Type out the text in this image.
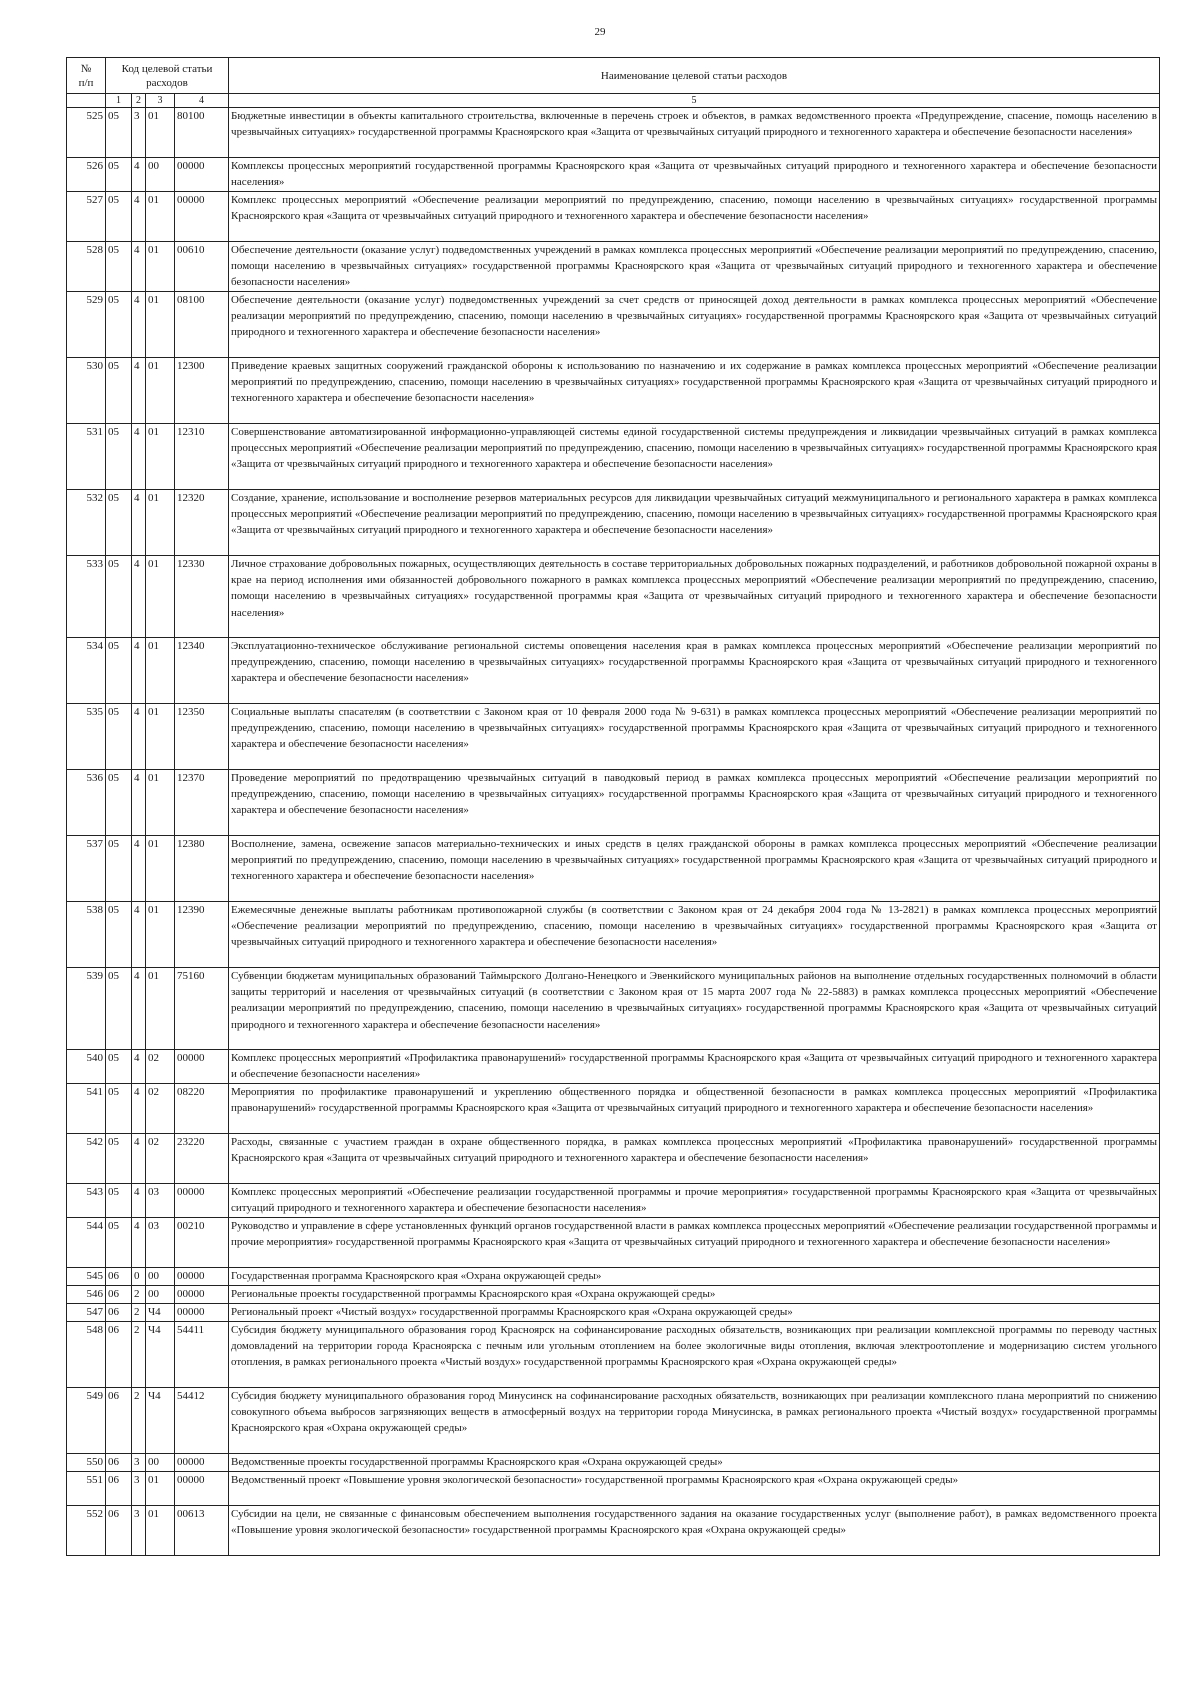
29
№
п/п	Код целевой статьи расходов				Наименование целевой статьи расходов

	1	2	3	4	5
525	05	3	01	80100	Бюджетные инвестиции в объекты капитального строительства, включенные в перечень строек и объектов, в рамках ведомственного проекта «Предупреждение, спасение, помощь населению в чрезвычайных ситуациях» государственной программы Красноярского края «Защита от чрезвычайных ситуаций природного и техногенного характера и обеспечение безопасности населения»
526	05	4	00	00000	Комплексы процессных мероприятий государственной программы Красноярского края «Защита от чрезвычайных ситуаций природного и техногенного характера и обеспечение безопасности населения»
527	05	4	01	00000	Комплекс процессных мероприятий «Обеспечение реализации мероприятий по предупреждению, спасению, помощи населению в чрезвычайных ситуациях» государственной программы Красноярского края «Защита от чрезвычайных ситуаций природного и техногенного характера и обеспечение безопасности населения»
528	05	4	01	00610	Обеспечение деятельности (оказание услуг) подведомственных учреждений в рамках комплекса процессных мероприятий «Обеспечение реализации мероприятий по предупреждению, спасению, помощи населению в чрезвычайных ситуациях» государственной программы Красноярского края «Защита от чрезвычайных ситуаций природного и техногенного характера и обеспечение безопасности населения»
529	05	4	01	08100	Обеспечение деятельности (оказание услуг) подведомственных учреждений за счет средств от приносящей доход деятельности в рамках комплекса процессных мероприятий «Обеспечение реализации мероприятий по предупреждению, спасению, помощи населению в чрезвычайных ситуациях» государственной программы Красноярского края «Защита от чрезвычайных ситуаций природного и техногенного характера и обеспечение безопасности населения»
530	05	4	01	12300	Приведение краевых защитных сооружений гражданской обороны к использованию по назначению и их содержание в рамках комплекса процессных мероприятий «Обеспечение реализации мероприятий по предупреждению, спасению, помощи населению в чрезвычайных ситуациях» государственной программы Красноярского края «Защита от чрезвычайных ситуаций природного и техногенного характера и обеспечение безопасности населения»
531	05	4	01	12310	Совершенствование автоматизированной информационно-управляющей системы единой государственной системы предупреждения и ликвидации чрезвычайных ситуаций в рамках комплекса процессных мероприятий «Обеспечение реализации мероприятий по предупреждению, спасению, помощи населению в чрезвычайных ситуациях» государственной программы Красноярского края «Защита от чрезвычайных ситуаций природного и техногенного характера и обеспечение безопасности населения»
532	05	4	01	12320	Создание, хранение, использование и восполнение резервов материальных ресурсов для ликвидации чрезвычайных ситуаций межмуниципального и регионального характера в рамках комплекса процессных мероприятий «Обеспечение реализации мероприятий по предупреждению, спасению, помощи населению в чрезвычайных ситуациях» государственной программы Красноярского края «Защита от чрезвычайных ситуаций природного и техногенного характера и обеспечение безопасности населения»
533	05	4	01	12330	Личное страхование добровольных пожарных, осуществляющих деятельность в составе территориальных добровольных пожарных подразделений, и работников добровольной пожарной охраны в крае на период исполнения ими обязанностей добровольного пожарного в рамках комплекса процессных мероприятий «Обеспечение реализации мероприятий по предупреждению, спасению, помощи населению в чрезвычайных ситуациях» государственной программы края «Защита от чрезвычайных ситуаций природного и техногенного характера и обеспечение безопасности населения»
534	05	4	01	12340	Эксплуатационно-техническое обслуживание региональной системы оповещения населения края в рамках комплекса процессных мероприятий «Обеспечение реализации мероприятий по предупреждению, спасению, помощи населению в чрезвычайных ситуациях» государственной программы Красноярского края «Защита от чрезвычайных ситуаций природного и техногенного характера и обеспечение безопасности населения»
535	05	4	01	12350	Социальные выплаты спасателям (в соответствии с Законом края от 10 февраля 2000 года № 9-631) в рамках комплекса процессных мероприятий «Обеспечение реализации мероприятий по предупреждению, спасению, помощи населению в чрезвычайных ситуациях» государственной программы Красноярского края «Защита от чрезвычайных ситуаций природного и техногенного характера и обеспечение безопасности населения»
536	05	4	01	12370	Проведение мероприятий по предотвращению чрезвычайных ситуаций в паводковый период в рамках комплекса процессных мероприятий «Обеспечение реализации мероприятий по предупреждению, спасению, помощи населению в чрезвычайных ситуациях» государственной программы Красноярского края «Защита от чрезвычайных ситуаций природного и техногенного характера и обеспечение безопасности населения»
537	05	4	01	12380	Восполнение, замена, освежение запасов материально-технических и иных средств в целях гражданской обороны в рамках комплекса процессных мероприятий «Обеспечение реализации мероприятий по предупреждению, спасению, помощи населению в чрезвычайных ситуациях» государственной программы Красноярского края «Защита от чрезвычайных ситуаций природного и техногенного характера и обеспечение безопасности населения»
538	05	4	01	12390	Ежемесячные денежные выплаты работникам противопожарной службы (в соответствии с Законом края от 24 декабря 2004 года № 13-2821) в рамках комплекса процессных мероприятий «Обеспечение реализации мероприятий по предупреждению, спасению, помощи населению в чрезвычайных ситуациях» государственной программы Красноярского края «Защита от чрезвычайных ситуаций природного и техногенного характера и обеспечение безопасности населения»
539	05	4	01	75160	Субвенции бюджетам муниципальных образований Таймырского Долгано-Ненецкого и Эвенкийского муниципальных районов на выполнение отдельных государственных полномочий в области защиты территорий и населения от чрезвычайных ситуаций (в соответствии с Законом края от 15 марта 2007 года № 22-5883) в рамках комплекса процессных мероприятий «Обеспечение реализации мероприятий по предупреждению, спасению, помощи населению в чрезвычайных ситуациях» государственной программы Красноярского края «Защита от чрезвычайных ситуаций природного и техногенного характера и обеспечение безопасности населения»
540	05	4	02	00000	Комплекс процессных мероприятий «Профилактика правонарушений» государственной программы Красноярского края «Защита от чрезвычайных ситуаций природного и техногенного характера и обеспечение безопасности населения»
541	05	4	02	08220	Мероприятия по профилактике правонарушений и укреплению общественного порядка и общественной безопасности в рамках комплекса процессных мероприятий «Профилактика правонарушений» государственной программы Красноярского края «Защита от чрезвычайных ситуаций природного и техногенного характера и обеспечение безопасности населения»
542	05	4	02	23220	Расходы, связанные с участием граждан в охране общественного порядка, в рамках комплекса процессных мероприятий «Профилактика правонарушений» государственной программы Красноярского края «Защита от чрезвычайных ситуаций природного и техногенного характера и обеспечение безопасности населения»
543	05	4	03	00000	Комплекс процессных мероприятий «Обеспечение реализации государственной программы и прочие мероприятия» государственной программы Красноярского края «Защита от чрезвычайных ситуаций природного и техногенного характера и обеспечение безопасности населения»
544	05	4	03	00210	Руководство и управление в сфере установленных функций органов государственной власти в рамках комплекса процессных мероприятий «Обеспечение реализации государственной программы и прочие мероприятия» государственной программы Красноярского края «Защита от чрезвычайных ситуаций природного и техногенного характера и обеспечение безопасности населения»
545	06	0	00	00000	Государственная программа Красноярского края «Охрана окружающей среды»
546	06	2	00	00000	Региональные проекты государственной программы Красноярского края «Охрана окружающей среды»
547	06	2	Ч4	00000	Региональный проект «Чистый воздух» государственной программы Красноярского края «Охрана окружающей среды»
548	06	2	Ч4	54411	Субсидия бюджету муниципального образования город Красноярск на софинансирование расходных обязательств, возникающих при реализации комплексной программы по переводу частных домовладений на территории города Красноярска с печным или угольным отоплением на более экологичные виды отопления, включая электроотопление и модернизацию систем угольного отопления, в рамках регионального проекта «Чистый воздух» государственной программы Красноярского края «Охрана окружающей среды»
549	06	2	Ч4	54412	Субсидия бюджету муниципального образования город Минусинск на софинансирование расходных обязательств, возникающих при реализации комплексного плана мероприятий по снижению совокупного объема выбросов загрязняющих веществ в атмосферный воздух на территории города Минусинска, в рамках регионального проекта «Чистый воздух» государственной программы Красноярского края «Охрана окружающей среды»
550	06	3	00	00000	Ведомственные проекты государственной программы Красноярского края «Охрана окружающей среды»
551	06	3	01	00000	Ведомственный проект «Повышение уровня экологической безопасности» государственной программы Красноярского края «Охрана окружающей среды»
552	06	3	01	00613	Субсидии на цели, не связанные с финансовым обеспечением выполнения государственного задания на оказание государственных услуг (выполнение работ), в рамках ведомственного проекта «Повышение уровня экологической безопасности» государственной программы Красноярского края «Охрана окружающей среды»
